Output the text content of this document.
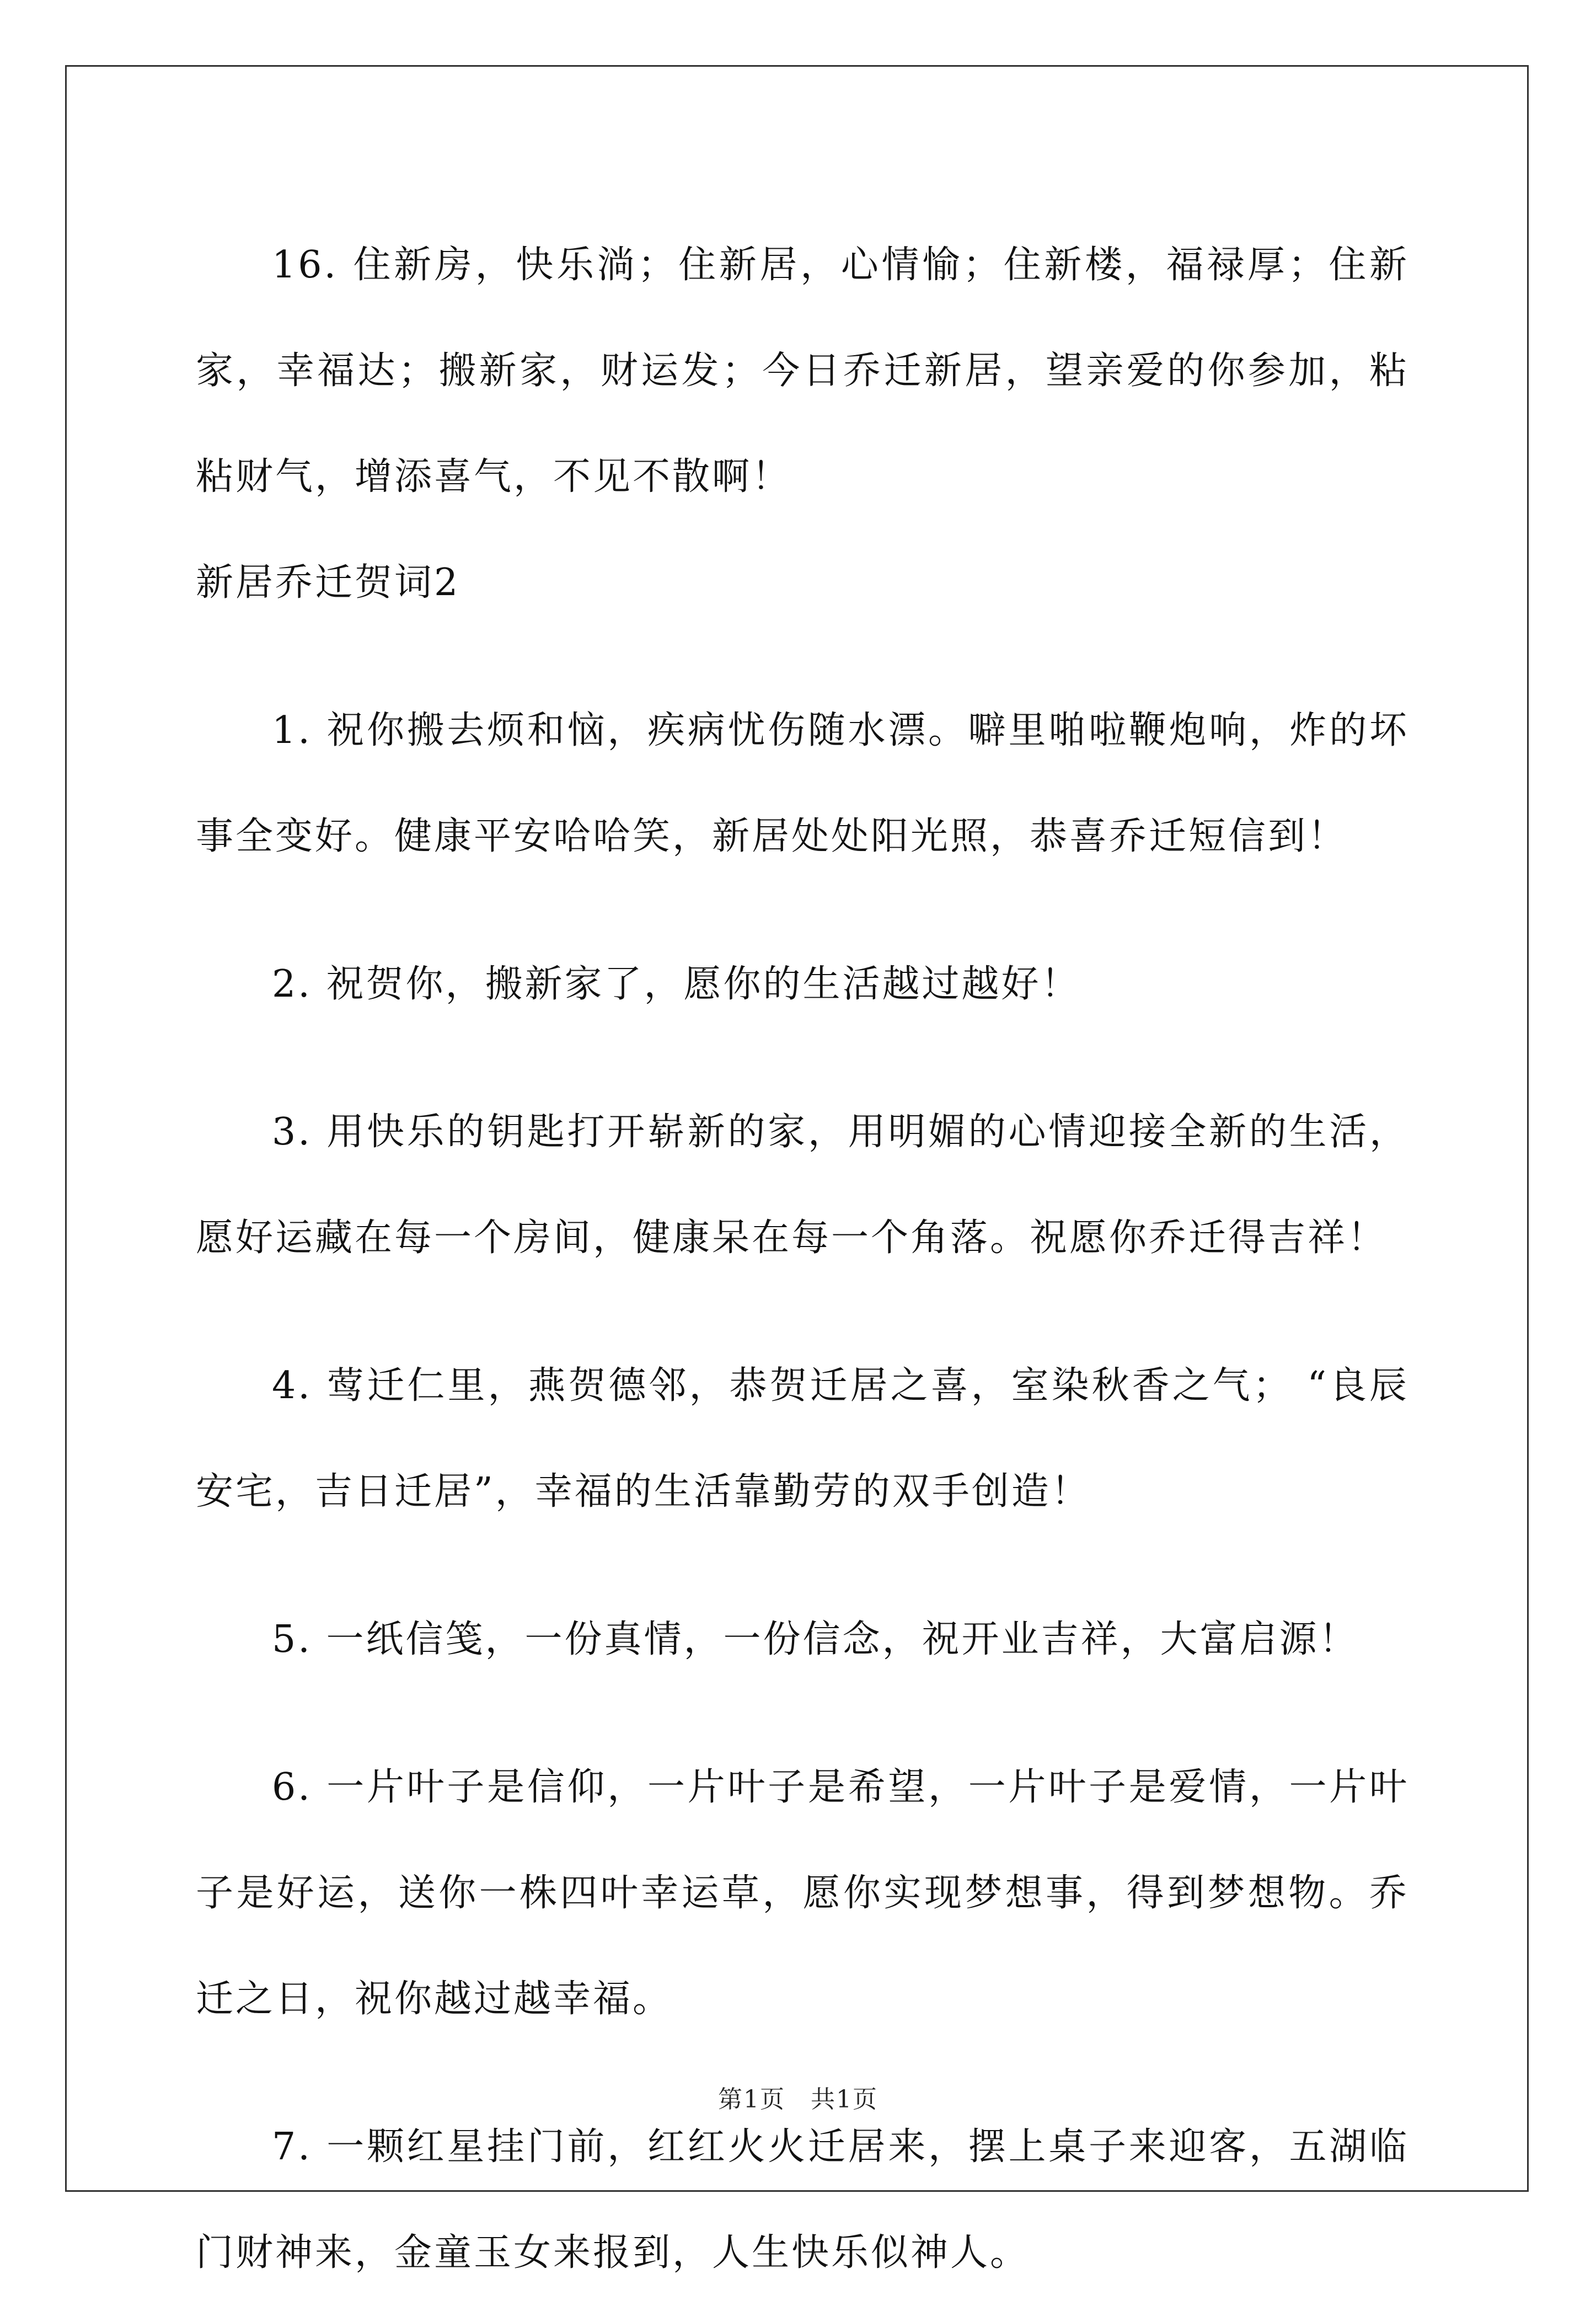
16. 住新房，快乐淌；住新居，心情愉；住新楼，福禄厚；住新家，幸福达；搬新家，财运发；今日乔迁新居，望亲爱的你参加，粘粘财气，增添喜气，不见不散啊！

新居乔迁贺词2

1. 祝你搬去烦和恼，疾病忧伤随水漂。噼里啪啦鞭炮响，炸的坏事全变好。健康平安哈哈笑，新居处处阳光照，恭喜乔迁短信到！

2. 祝贺你，搬新家了，愿你的生活越过越好！

3. 用快乐的钥匙打开崭新的家，用明媚的心情迎接全新的生活，愿好运藏在每一个房间，健康呆在每一个角落。祝愿你乔迁得吉祥！

4. 莺迁仁里，燕贺德邻，恭贺迁居之喜，室染秋香之气； “良辰安宅，吉日迁居”，幸福的生活靠勤劳的双手创造！

5. 一纸信笺，一份真情，一份信念，祝开业吉祥，大富启源！

6. 一片叶子是信仰，一片叶子是希望，一片叶子是爱情，一片叶子是好运，送你一株四叶幸运草，愿你实现梦想事，得到梦想物。乔迁之日，祝你越过越幸福。

7. 一颗红星挂门前，红红火火迁居来，摆上桌子来迎客，五湖临门财神来，金童玉女来报到，人生快乐似神人。

第1页　共1页
